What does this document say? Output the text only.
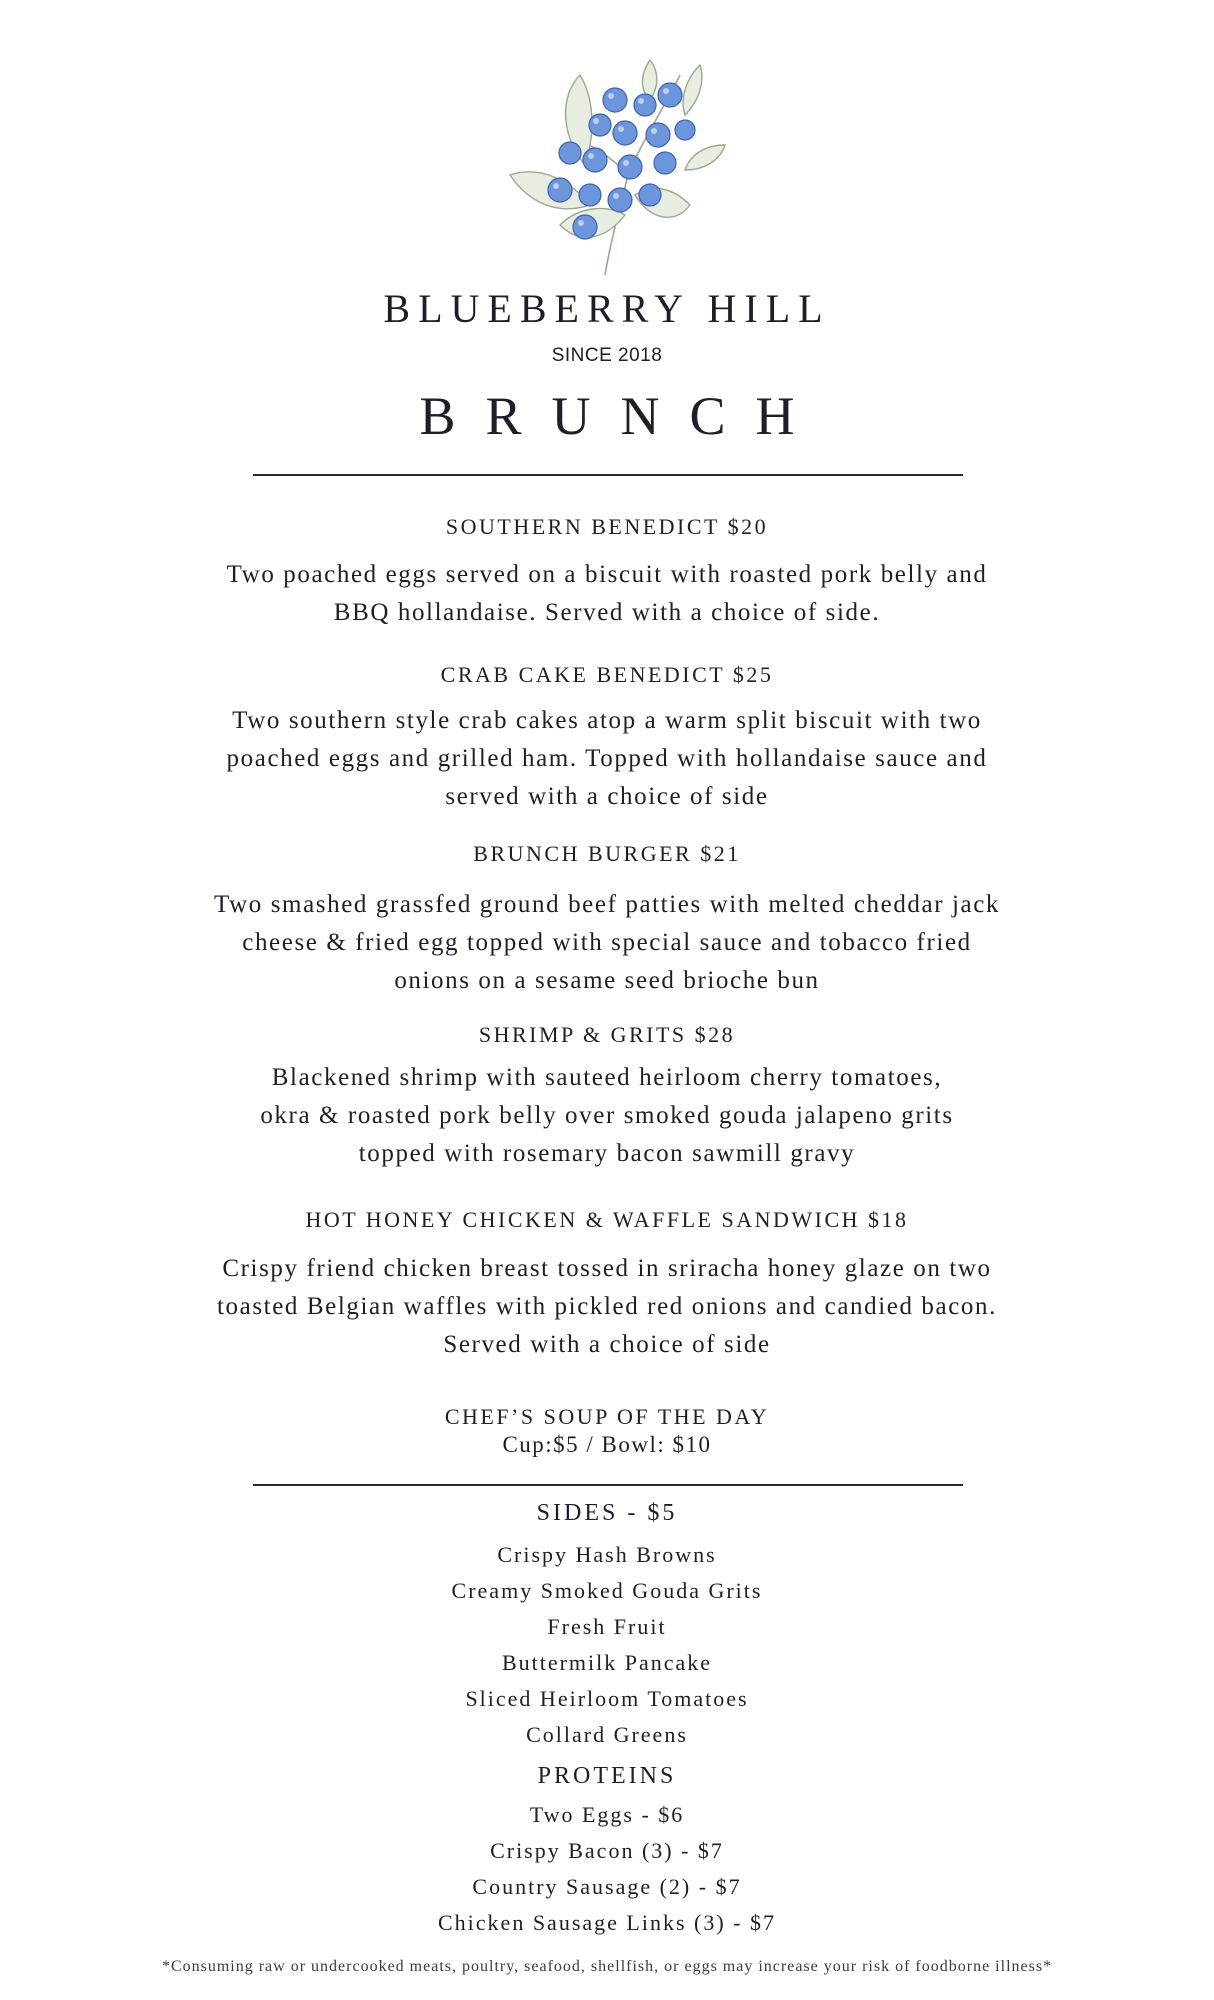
BLUEBERRY HILL
SINCE 2018
BRUNCH
SOUTHERN BENEDICT $20
Two poached eggs served on a biscuit with roasted pork belly and
BBQ hollandaise. Served with a choice of side.
CRAB CAKE BENEDICT $25
Two southern style crab cakes atop a warm split biscuit with two
poached eggs and grilled ham. Topped with hollandaise sauce and
served with a choice of side
BRUNCH BURGER $21
Two smashed grassfed ground beef patties with melted cheddar jack
cheese & fried egg topped with special sauce and tobacco fried
onions on a sesame seed brioche bun
SHRIMP & GRITS $28
Blackened shrimp with sauteed heirloom cherry tomatoes,
okra & roasted pork belly over smoked gouda jalapeno grits
topped with rosemary bacon sawmill gravy
HOT HONEY CHICKEN & WAFFLE SANDWICH $18
Crispy friend chicken breast tossed in sriracha honey glaze on two
toasted Belgian waffles with pickled red onions and candied bacon.
Served with a choice of side
CHEF’S SOUP OF THE DAY
Cup:$5 / Bowl: $10
SIDES - $5
Crispy Hash Browns
Creamy Smoked Gouda Grits
Fresh Fruit
Buttermilk Pancake
Sliced Heirloom Tomatoes
Collard Greens
PROTEINS
Two Eggs - $6
Crispy Bacon (3) - $7
Country Sausage (2) - $7
Chicken Sausage Links (3) - $7
*Consuming raw or undercooked meats, poultry, seafood, shellfish, or eggs may increase your risk of foodborne illness*
